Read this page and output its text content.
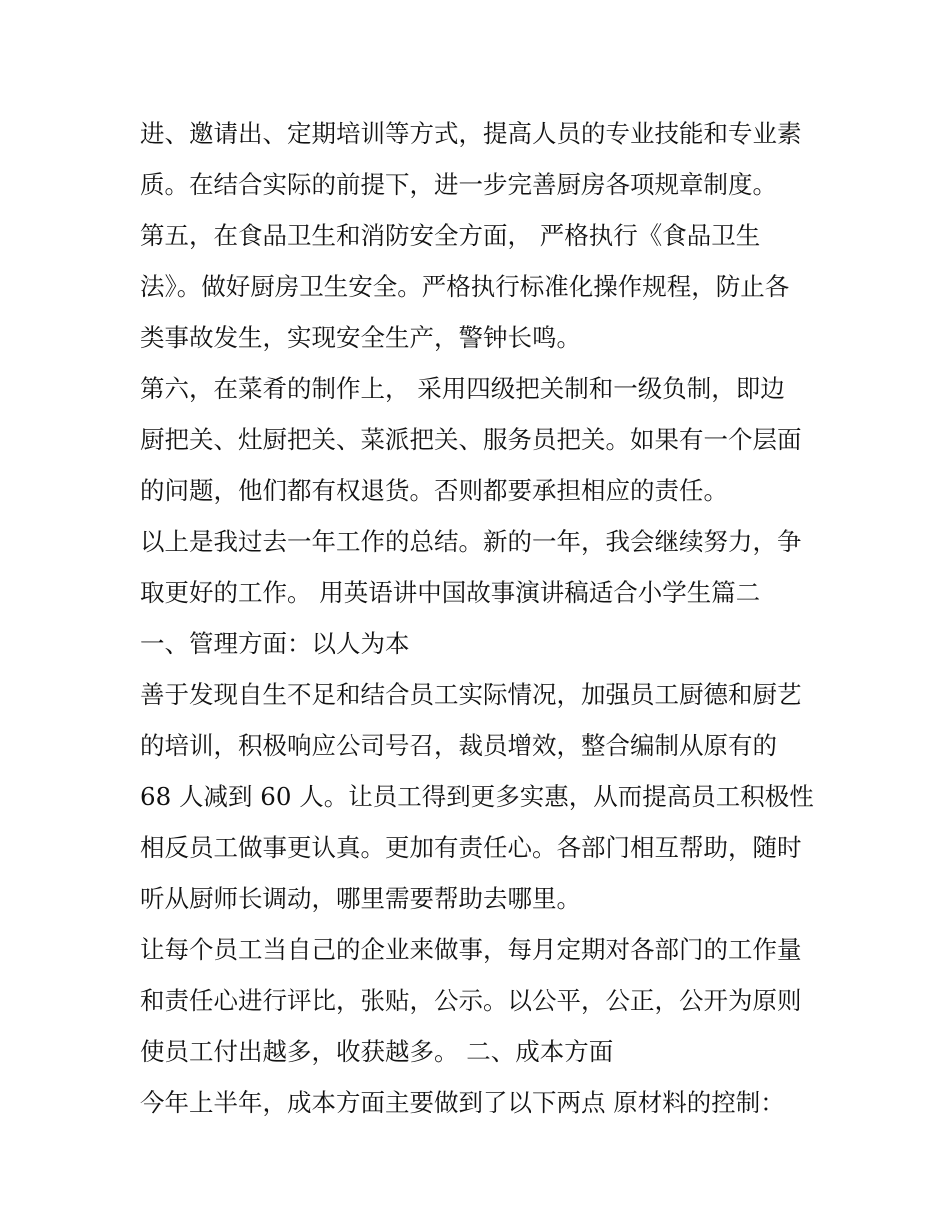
进、邀请出、定期培训等方式，提高人员的专业技能和专业素
质。在结合实际的前提下，进一步完善厨房各项规章制度。
第五，在食品卫生和消防安全方面， 严格执行《食品卫生
法》。做好厨房卫生安全。严格执行标准化操作规程，防止各
类事故发生，实现安全生产，警钟长鸣。
第六，在菜肴的制作上， 采用四级把关制和一级负制，即边
厨把关、灶厨把关、菜派把关、服务员把关。如果有一个层面
的问题，他们都有权退货。否则都要承担相应的责任。
以上是我过去一年工作的总结。新的一年，我会继续努力，争
取更好的工作。 用英语讲中国故事演讲稿适合小学生篇二
一、管理方面：以人为本
善于发现自生不足和结合员工实际情况，加强员工厨德和厨艺
的培训，积极响应公司号召，裁员增效，整合编制从原有的
68 人减到 60 人。让员工得到更多实惠，从而提高员工积极性
相反员工做事更认真。更加有责任心。各部门相互帮助，随时
听从厨师长调动，哪里需要帮助去哪里。
让每个员工当自己的企业来做事，每月定期对各部门的工作量
和责任心进行评比，张贴，公示。以公平，公正，公开为原则
使员工付出越多，收获越多。 二、成本方面
今年上半年，成本方面主要做到了以下两点 原材料的控制：
